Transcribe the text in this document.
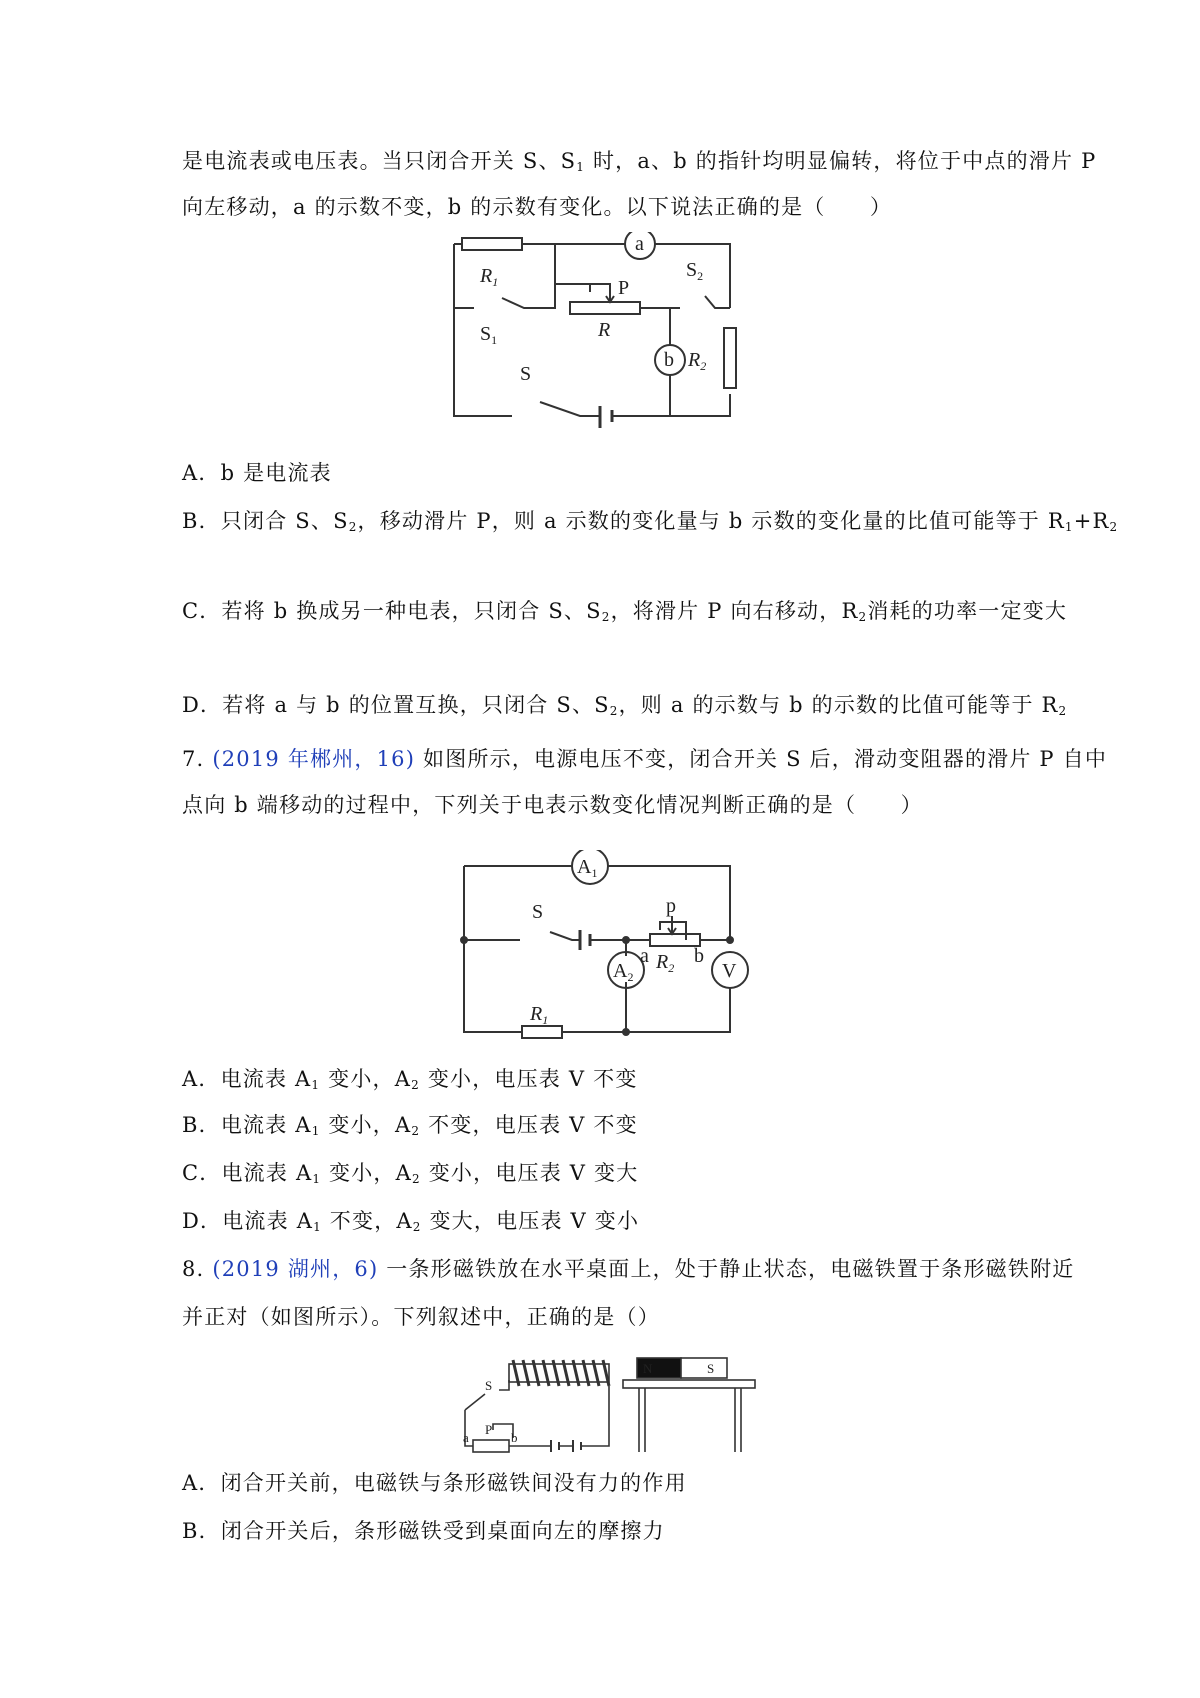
是电流表或电压表。当只闭合开关 S、$S_1$ 时，a、b 的指针均明显偏转，将位于中点的滑片 P
向左移动，a 的示数不变，b 的示数有变化。以下说法正确的是（　　）
a
b
$R_1$
$S_1$
P
R
$S_2$
$R_2$
S
A．b 是电流表
B．只闭合 S、$S_2$，移动滑片 P，则 a 示数的变化量与 b 示数的变化量的比值可能等于 $R_1+R_2$
C．若将 b 换成另一种电表，只闭合 S、$S_2$，将滑片 P 向右移动，$R_2$消耗的功率一定变大
D．若将 a 与 b 的位置互换，只闭合 S、$S_2$，则 a 的示数与 b 的示数的比值可能等于 $R_2$
7. (2019 年郴州，16) 如图所示，电源电压不变，闭合开关 S 后，滑动变阻器的滑片 P 自中
点向 b 端移动的过程中，下列关于电表示数变化情况判断正确的是（　　）
$A_1$
S	p
a $R_2$
b
$A_2$	V
$R_1$
A．电流表 $A_1$ 变小，$A_2$ 变小，电压表 V 不变
B．电流表 $A_1$ 变小，$A_2$ 不变，电压表 V 不变
C．电流表 $A_1$ 变小，$A_2$ 变小，电压表 V 变大
D．电流表 $A_1$ 不变，$A_2$ 变大，电压表 V 变小
8. (2019 湖州，6) 一条形磁铁放在水平桌面上，处于静止状态，电磁铁置于条形磁铁附近
并正对（如图所示）。下列叙述中，正确的是（）
S
a
P
b
N	S
A．闭合开关前，电磁铁与条形磁铁间没有力的作用
B．闭合开关后，条形磁铁受到桌面向左的摩擦力
